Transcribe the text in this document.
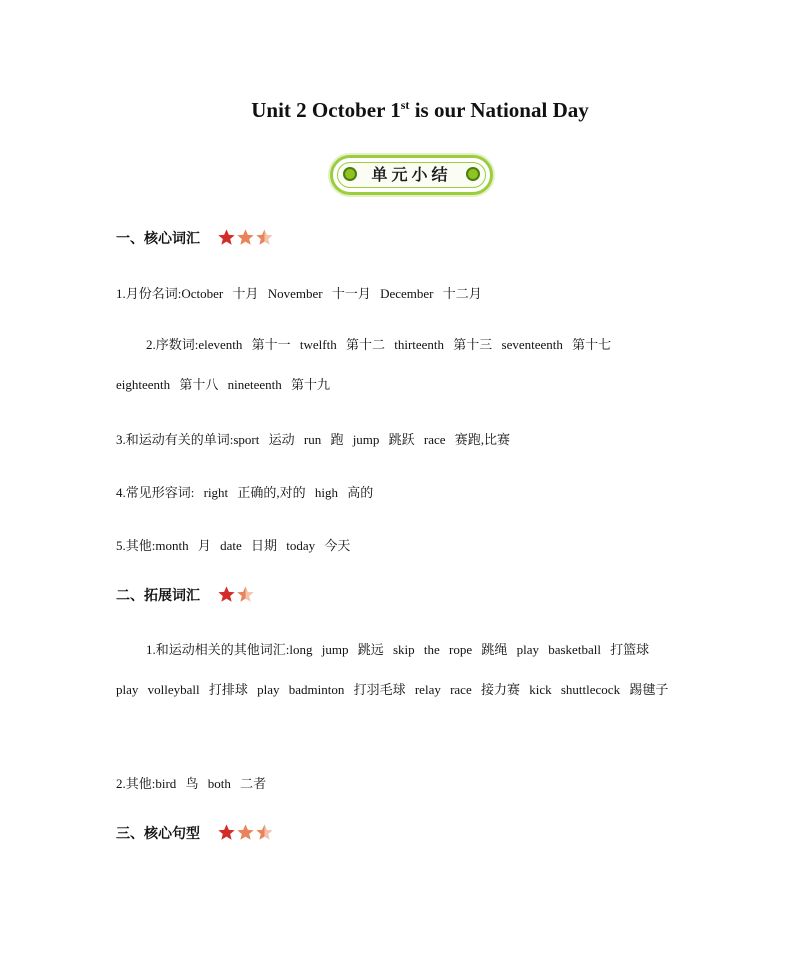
Unit 2 October 1st is our National Day
单元小结
一、核心词汇
1.月份名词:October 十月 November 十一月 December 十二月
2.序数词:eleventh 第十一 twelfth 第十二 thirteenth 第十三 seventeenth 第十七 eighteenth 第十八 nineteenth 第十九
3.和运动有关的单词:sport 运动 run 跑 jump 跳跃 race 赛跑,比赛
4.常见形容词: right 正确的,对的 high 高的
5.其他:month 月 date 日期 today 今天
二、拓展词汇
1.和运动相关的其他词汇:long jump 跳远 skip the rope 跳绳 play basketball 打篮球 play volleyball 打排球 play badminton 打羽毛球 relay race 接力赛 kick shuttlecock 踢毽子
2.其他:bird 鸟 both 二者
三、核心句型
